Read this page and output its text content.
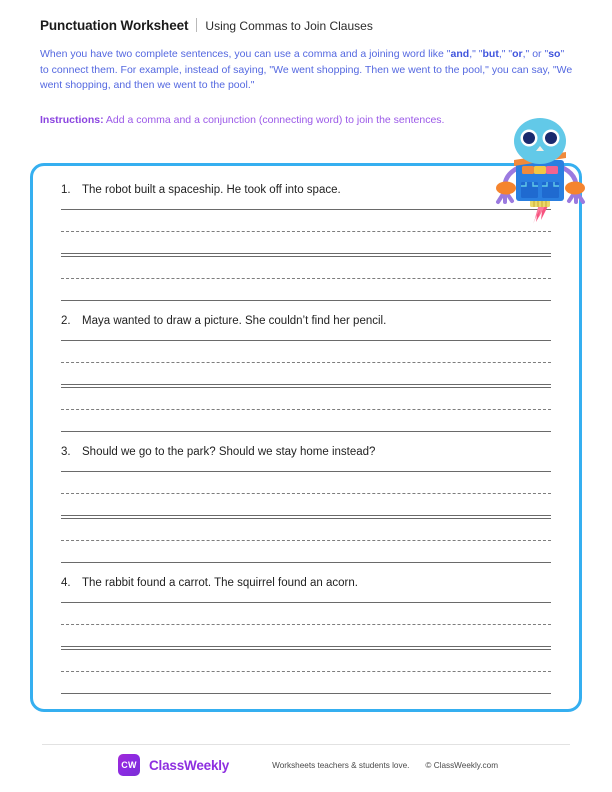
Punctuation Worksheet Using Commas to Join Clauses
When you have two complete sentences, you can use a comma and a joining word like "and," "but," "or," or "so" to connect them. For example, instead of saying, "We went shopping. Then we went to the pool," you can say, "We went shopping, and then we went to the pool."
Instructions: Add a comma and a conjunction (connecting word) to join the sentences.
1. The robot built a spaceship. He took off into space.
2. Maya wanted to draw a picture. She couldn’t find her pencil.
3. Should we go to the park? Should we stay home instead?
4. The rabbit found a carrot. The squirrel found an acorn.
CW ClassWeekly	Worksheets teachers & students love. © ClassWeekly.com
